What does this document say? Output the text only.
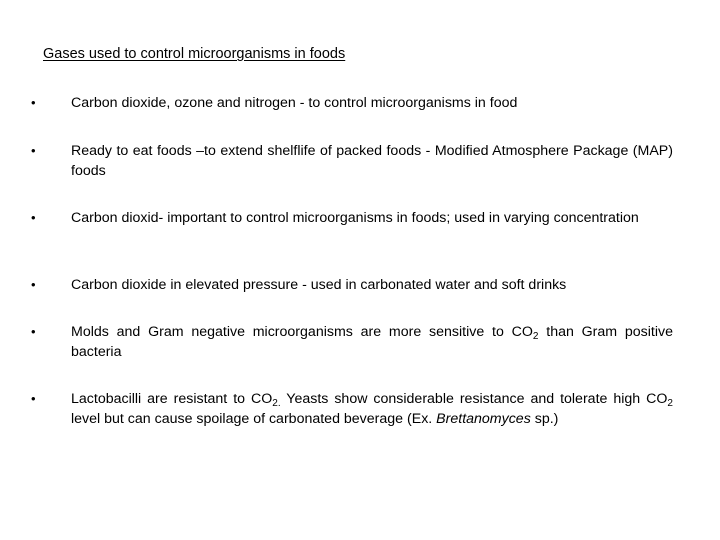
Gases used to control microorganisms in foods
• Carbon dioxide, ozone and nitrogen - to control microorganisms in food
• Ready to eat foods –to extend shelflife of packed foods - Modified Atmosphere Package (MAP) foods
• Carbon dioxid- important to control microorganisms in foods; used in varying concentration
• Carbon dioxide in elevated pressure - used in carbonated water and soft drinks
• Molds and Gram negative microorganisms are more sensitive to $CO_2$ than Gram positive bacteria
• Lactobacilli are resistant to $CO_{2.}$ Yeasts show considerable resistance and tolerate high $CO_2$ level but can cause spoilage of carbonated beverage (Ex. Brettanomyces sp.)
